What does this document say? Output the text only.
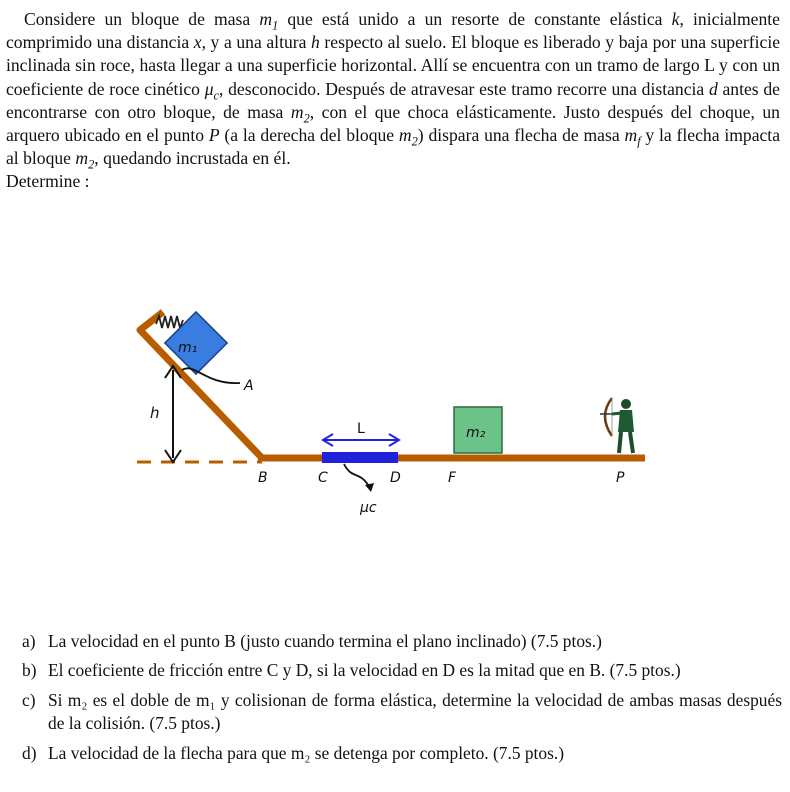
Considere un bloque de masa $m_1$ que está unido a un resorte de constante elástica k, inicialmente comprimido una distancia x, y a una altura h respecto al suelo. El bloque es liberado y baja por una superficie inclinada sin roce, hasta llegar a una superficie horizontal. Allí se encuentra con un tramo de largo L y con un coeficiente de roce cinético $\mu_c$, desconocido. Después de atravesar este tramo recorre una distancia d antes de encontrarse con otro bloque, de masa $m_2$, con el que choca elásticamente. Justo después del choque, un arquero ubicado en el punto P (a la derecha del bloque $m_2$) dispara una flecha de masa $m_f$ y la flecha impacta al bloque $m_2$, quedando incrustada en él.
Determine :

m₁
A
h
L	m₂
B	C	D	F	P
μc
a) La velocidad en el punto B (justo cuando termina el plano inclinado) (7.5 ptos.)
b) El coeficiente de fricción entre C y D, si la velocidad en D es la mitad que en B. (7.5 ptos.)
c) Si m₂ es el doble de m₁ y colisionan de forma elástica, determine la velocidad de ambas masas después de la colisión. (7.5 ptos.)
d) La velocidad de la flecha para que m₂ se detenga por completo. (7.5 ptos.)
